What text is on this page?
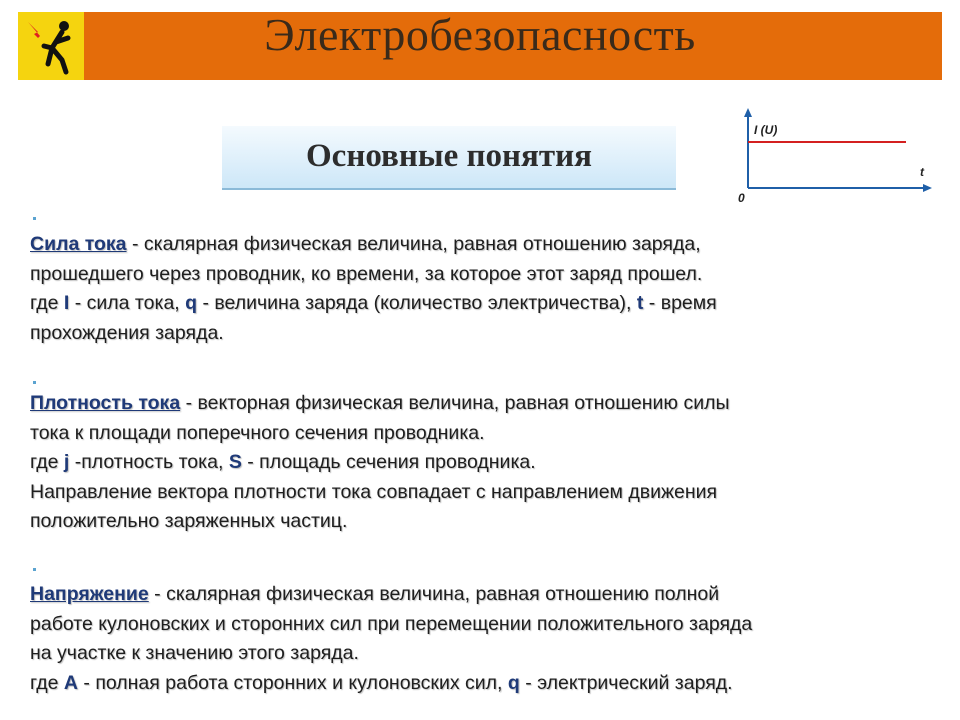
Электробезопасность
Основные понятия
I (U)
t
0
Сила тока - скалярная физическая величина, равная отношению заряда,
прошедшего через проводник, ко времени, за которое этот заряд прошел.
где I - сила тока, q - величина заряда (количество электричества), t - время
прохождения заряда.
Плотность тока - векторная физическая величина, равная отношению силы
тока к площади поперечного сечения проводника.
где j -плотность тока, S - площадь сечения проводника.
Направление вектора плотности тока совпадает с направлением движения
положительно заряженных частиц.
Напряжение - скалярная физическая величина, равная отношению полной
работе кулоновских и сторонних сил при перемещении положительного заряда
на участке к значению этого заряда.
где А - полная работа сторонних и кулоновских сил, q - электрический заряд.
